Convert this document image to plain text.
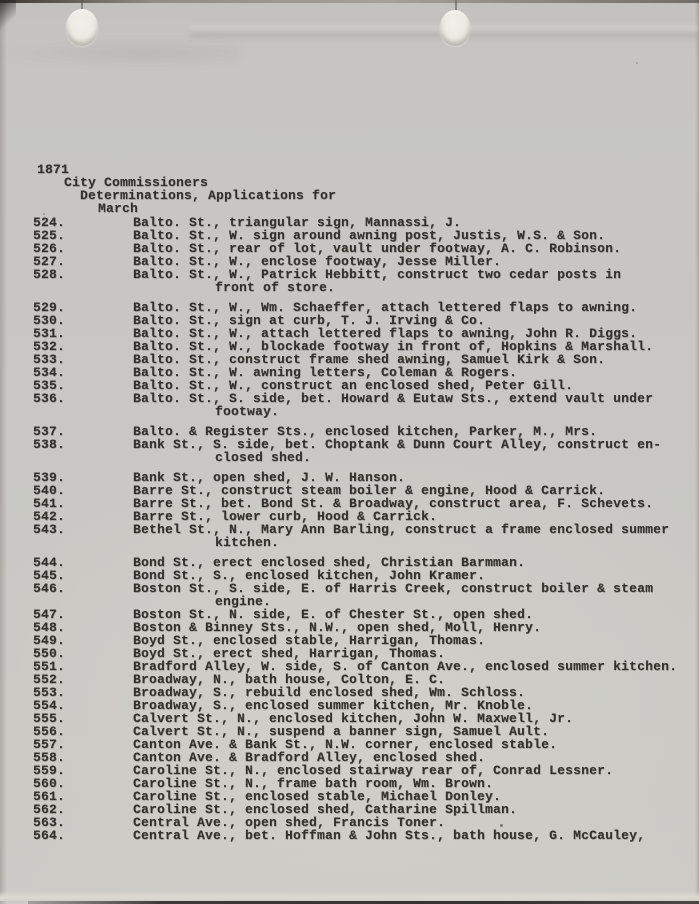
1871
City Commissioners
Determinations, Applications for
March
524.	Balto. St., triangular sign, Mannassi, J.
525.	Balto. St., W. sign around awning post, Justis, W.S. & Son.
526.	Balto. St., rear of lot, vault under footway, A. C. Robinson.
527.	Balto. St., W., enclose footway, Jesse Miller.
528.	Balto. St., W., Patrick Hebbitt, construct two cedar posts in
front of store.
529.	Balto. St., W., Wm. Schaeffer, attach lettered flaps to awning.
530.	Balto. St., sign at curb, T. J. Irving & Co.
531.	Balto. St., W., attach lettered flaps to awning, John R. Diggs.
532.	Balto. St., W., blockade footway in front of, Hopkins & Marshall.
533.	Balto. St., construct frame shed awning, Samuel Kirk & Son.
534.	Balto. St., W. awning letters, Coleman & Rogers.
535.	Balto. St., W., construct an enclosed shed, Peter Gill.
536.	Balto. St., S. side, bet. Howard & Eutaw Sts., extend vault under
footway.
537.	Balto. & Register Sts., enclosed kitchen, Parker, M., Mrs.
538.	Bank St., S. side, bet. Choptank & Dunn Court Alley, construct en-
closed shed.
539.	Bank St., open shed, J. W. Hanson.
540.	Barre St., construct steam boiler & engine, Hood & Carrick.
541.	Barre St., bet. Bond St. & Broadway, construct area, F. Schevets.
542.	Barre St., lower curb, Hood & Carrick.
543.	Bethel St., N., Mary Ann Barling, construct a frame enclosed summer
kitchen.
544.	Bond St., erect enclosed shed, Christian Barmman.
545.	Bond St., S., enclosed kitchen, John Kramer.
546.	Boston St., S. side, E. of Harris Creek, construct boiler & steam
engine.
547.	Boston St., N. side, E. of Chester St., open shed.
548.	Boston & Binney Sts., N.W., open shed, Moll, Henry.
549.	Boyd St., enclosed stable, Harrigan, Thomas.
550.	Boyd St., erect shed, Harrigan, Thomas.
551.	Bradford Alley, W. side, S. of Canton Ave., enclosed summer kitchen.
552.	Broadway, N., bath house, Colton, E. C.
553.	Broadway, S., rebuild enclosed shed, Wm. Schloss.
554.	Broadway, S., enclosed summer kitchen, Mr. Knoble.
555.	Calvert St., N., enclosed kitchen, John W. Maxwell, Jr.
556.	Calvert St., N., suspend a banner sign, Samuel Ault.
557.	Canton Ave. & Bank St., N.W. corner, enclosed stable.
558.	Canton Ave. & Bradford Alley, enclosed shed.
559.	Caroline St., N., enclosed stairway rear of, Conrad Lessner.
560.	Caroline St., N., frame bath room, Wm. Brown.
561.	Caroline St., enclosed stable, Michael Donley.
562.	Caroline St., enclosed shed, Catharine Spillman.
563.	Central Ave., open shed, Francis Toner.
564.	Central Ave., bet. Hoffman & John Sts., bath house, G. McCauley,
